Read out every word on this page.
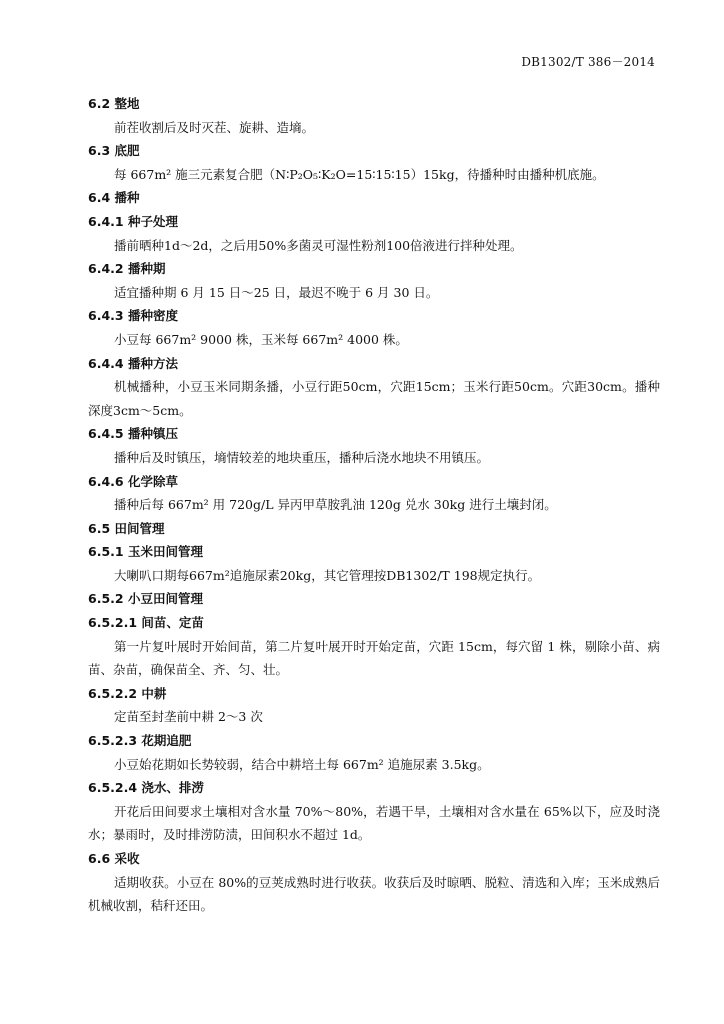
DB1302/T 386－2014
6.2 整地
前茬收割后及时灭茬、旋耕、造墒。
6.3 底肥
每 667m² 施三元素复合肥（N∶P₂O₅∶K₂O=15∶15∶15）15kg，待播种时由播种机底施。
6.4 播种
6.4.1 种子处理
播前晒种1d～2d，之后用50%多菌灵可湿性粉剂100倍液进行拌种处理。
6.4.2 播种期
适宜播种期 6 月 15 日～25 日，最迟不晚于 6 月 30 日。
6.4.3 播种密度
小豆每 667m² 9000 株，玉米每 667m² 4000 株。
6.4.4 播种方法
机械播种，小豆玉米同期条播，小豆行距50cm，穴距15cm；玉米行距50cm。穴距30cm。播种深度3cm～5cm。
6.4.5 播种镇压
播种后及时镇压，墒情较差的地块重压，播种后浇水地块不用镇压。
6.4.6 化学除草
播种后每 667m² 用 720g/L 异丙甲草胺乳油 120g 兑水 30kg 进行土壤封闭。
6.5 田间管理
6.5.1 玉米田间管理
大喇叭口期每667m²追施尿素20kg，其它管理按DB1302/T 198规定执行。
6.5.2 小豆田间管理
6.5.2.1 间苗、定苗
第一片复叶展时开始间苗，第二片复叶展开时开始定苗，穴距 15cm，每穴留 1 株，剔除小苗、病苗、杂苗，确保苗全、齐、匀、壮。
6.5.2.2 中耕
定苗至封垄前中耕 2～3 次
6.5.2.3 花期追肥
小豆始花期如长势较弱，结合中耕培土每 667m² 追施尿素 3.5kg。
6.5.2.4 浇水、排涝
开花后田间要求土壤相对含水量 70%～80%，若遇干旱，土壤相对含水量在 65%以下，应及时浇水；暴雨时，及时排涝防渍，田间积水不超过 1d。
6.6 采收
适期收获。小豆在 80%的豆荚成熟时进行收获。收获后及时晾晒、脱粒、清选和入库；玉米成熟后机械收割，秸秆还田。
